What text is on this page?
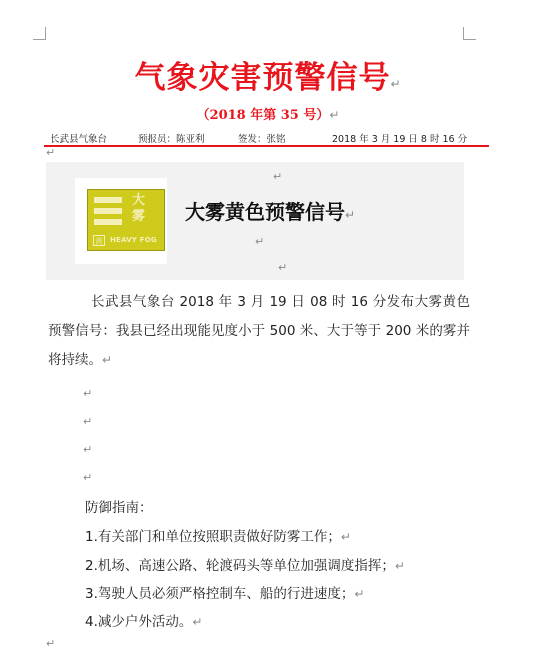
气象灾害预警信号↵
（2018 年第 35 号）↵
长武县气象台	预报员：陈亚利	签发：张铭	2018 年 3 月 19 日 8 时 16 分
↵
↵
大
雾
黄 HEAVY FOG
大雾黄色预警信号↵
↵
↵

长武县气象台 2018 年 3 月 19 日 08 时 16 分发布大雾黄色预警信号：我县已经出现能见度小于 500 米、大于等于 200 米的雾并将持续。↵

↵
↵
↵
↵
防御指南：
1.有关部门和单位按照职责做好防雾工作；↵
2.机场、高速公路、轮渡码头等单位加强调度指挥；↵
3.驾驶人员必须严格控制车、船的行进速度；↵
4.减少户外活动。↵
↵
